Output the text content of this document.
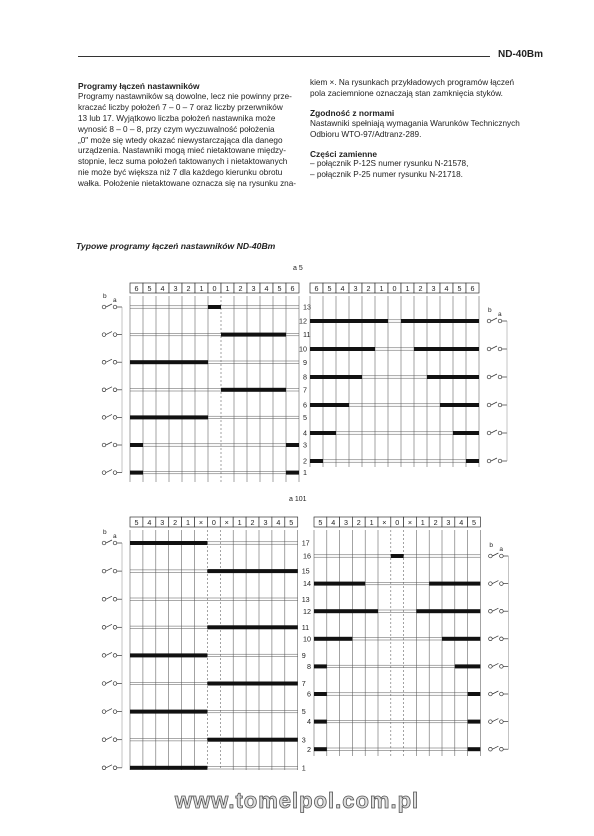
ND-40Bm
Programy łączeń nastawników

Programy nastawników są dowolne, lecz nie powinny prze-

kraczać liczby położeń 7 – 0 – 7 oraz liczby przerwników

13 lub 17. Wyjątkowo liczba położeń nastawnika może

wynosić 8 – 0 – 8, przy czym wyczuwalność położenia

„0" może się wtedy okazać niewystarczająca dla danego

urządzenia. Nastawniki mogą mieć nietaktowane między-

stopnie, lecz suma położeń taktowanych i nietaktowanych

nie może być większa niż 7 dla każdego kierunku obrotu

wałka. Położenie nietaktowane oznacza się na rysunku zna-

kiem ×. Na rysunkach przykładowych programów łączeń

pola zaciemnione oznaczają stan zamknięcia styków.

Zgodność z normami

Nastawniki spełniają wymagania Warunków Technicznych

Odbioru WTO-97/Adtranz-289.

Części zamienne

– połącznik P-12S numer rysunku N-21578,

– połącznik P-25 numer rysunku N-21718.

Typowe programy łączeń nastawników ND-40Bm
a 5
a 101
6 5 4 3 2 1 0 1 2 3 4 5 6
13
b
a
11
9
7
5
3
1
6 5 4 3 2 1 0 1 2 3 4 5 6
12
b
a
10
8
6
4
2
5 4 3 2 1 × 0 × 1 2 3 4 5
17
b
a
15
13
11
9
7
5
3
1
5 4 3 2 1 × 0 × 1 2 3 4 5
16
b
a
14
12
10
8
6
4
2
www.tomelpol.com.pl
